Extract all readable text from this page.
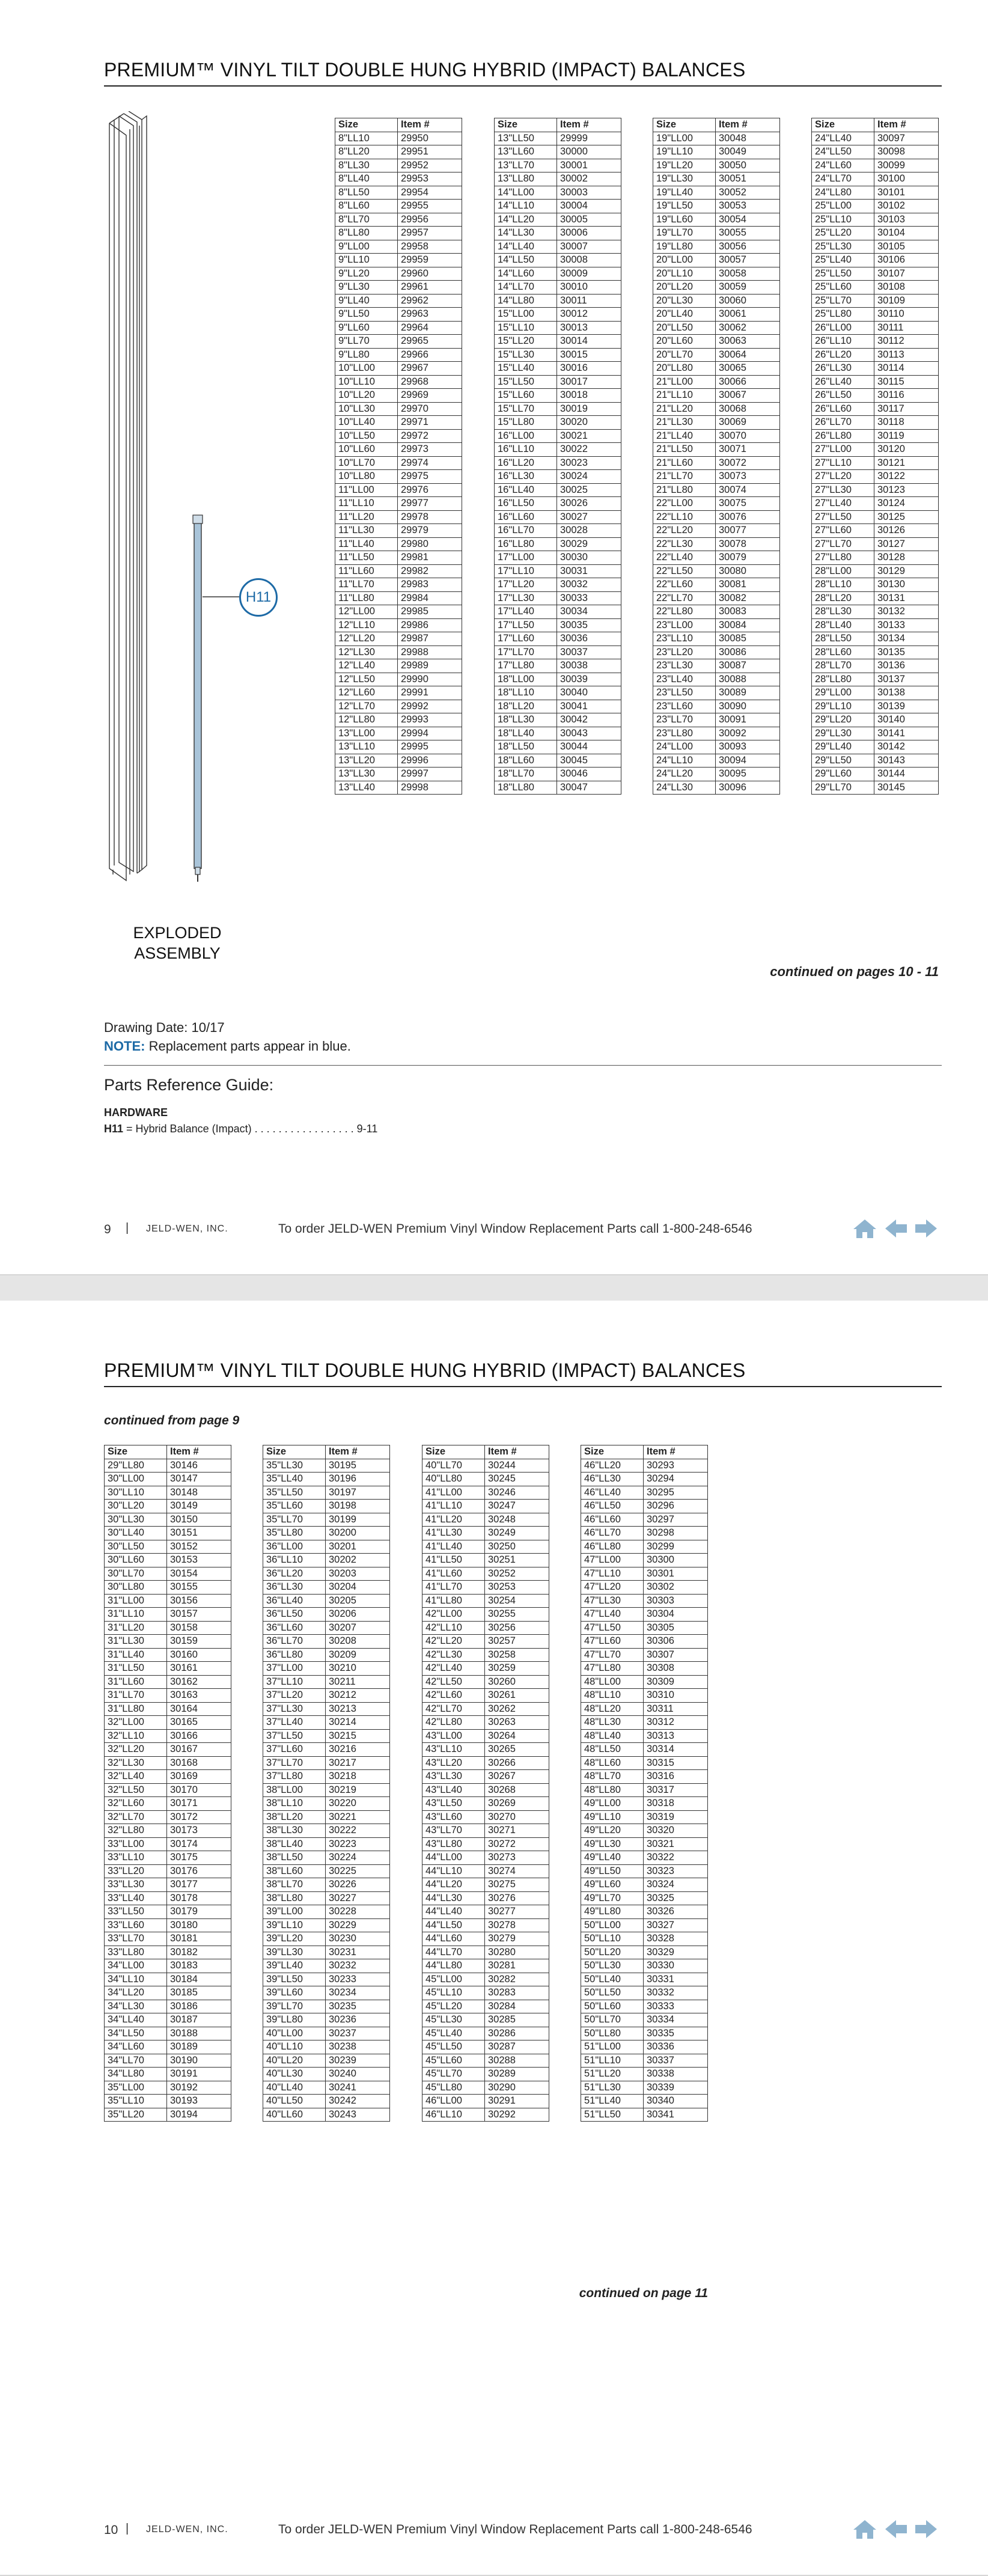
PREMIUM™ VINYL TILT DOUBLE HUNG HYBRID (IMPACT) BALANCES
H11
EXPLODED
ASSEMBLY
Size	Item #
8"LL10	29950
8"LL20	29951
8"LL30	29952
8"LL40	29953
8"LL50	29954
8"LL60	29955
8"LL70	29956
8"LL80	29957
9"LL00	29958
9"LL10	29959
9"LL20	29960
9"LL30	29961
9"LL40	29962
9"LL50	29963
9"LL60	29964
9"LL70	29965
9"LL80	29966
10"LL00	29967
10"LL10	29968
10"LL20	29969
10"LL30	29970
10"LL40	29971
10"LL50	29972
10"LL60	29973
10"LL70	29974
10"LL80	29975
11"LL00	29976
11"LL10	29977
11"LL20	29978
11"LL30	29979
11"LL40	29980
11"LL50	29981
11"LL60	29982
11"LL70	29983
11"LL80	29984
12"LL00	29985
12"LL10	29986
12"LL20	29987
12"LL30	29988
12"LL40	29989
12"LL50	29990
12"LL60	29991
12"LL70	29992
12"LL80	29993
13"LL00	29994
13"LL10	29995
13"LL20	29996
13"LL30	29997
13"LL40	29998
Size	Item #
13"LL50	29999
13"LL60	30000
13"LL70	30001
13"LL80	30002
14"LL00	30003
14"LL10	30004
14"LL20	30005
14"LL30	30006
14"LL40	30007
14"LL50	30008
14"LL60	30009
14"LL70	30010
14"LL80	30011
15"LL00	30012
15"LL10	30013
15"LL20	30014
15"LL30	30015
15"LL40	30016
15"LL50	30017
15"LL60	30018
15"LL70	30019
15"LL80	30020
16"LL00	30021
16"LL10	30022
16"LL20	30023
16"LL30	30024
16"LL40	30025
16"LL50	30026
16"LL60	30027
16"LL70	30028
16"LL80	30029
17"LL00	30030
17"LL10	30031
17"LL20	30032
17"LL30	30033
17"LL40	30034
17"LL50	30035
17"LL60	30036
17"LL70	30037
17"LL80	30038
18"LL00	30039
18"LL10	30040
18"LL20	30041
18"LL30	30042
18"LL40	30043
18"LL50	30044
18"LL60	30045
18"LL70	30046
18"LL80	30047
Size	Item #
19"LL00	30048
19"LL10	30049
19"LL20	30050
19"LL30	30051
19"LL40	30052
19"LL50	30053
19"LL60	30054
19"LL70	30055
19"LL80	30056
20"LL00	30057
20"LL10	30058
20"LL20	30059
20"LL30	30060
20"LL40	30061
20"LL50	30062
20"LL60	30063
20"LL70	30064
20"LL80	30065
21"LL00	30066
21"LL10	30067
21"LL20	30068
21"LL30	30069
21"LL40	30070
21"LL50	30071
21"LL60	30072
21"LL70	30073
21"LL80	30074
22"LL00	30075
22"LL10	30076
22"LL20	30077
22"LL30	30078
22"LL40	30079
22"LL50	30080
22"LL60	30081
22"LL70	30082
22"LL80	30083
23"LL00	30084
23"LL10	30085
23"LL20	30086
23"LL30	30087
23"LL40	30088
23"LL50	30089
23"LL60	30090
23"LL70	30091
23"LL80	30092
24"LL00	30093
24"LL10	30094
24"LL20	30095
24"LL30	30096
Size	Item #
24"LL40	30097
24"LL50	30098
24"LL60	30099
24"LL70	30100
24"LL80	30101
25"LL00	30102
25"LL10	30103
25"LL20	30104
25"LL30	30105
25"LL40	30106
25"LL50	30107
25"LL60	30108
25"LL70	30109
25"LL80	30110
26"LL00	30111
26"LL10	30112
26"LL20	30113
26"LL30	30114
26"LL40	30115
26"LL50	30116
26"LL60	30117
26"LL70	30118
26"LL80	30119
27"LL00	30120
27"LL10	30121
27"LL20	30122
27"LL30	30123
27"LL40	30124
27"LL50	30125
27"LL60	30126
27"LL70	30127
27"LL80	30128
28"LL00	30129
28"LL10	30130
28"LL20	30131
28"LL30	30132
28"LL40	30133
28"LL50	30134
28"LL60	30135
28"LL70	30136
28"LL80	30137
29"LL00	30138
29"LL10	30139
29"LL20	30140
29"LL30	30141
29"LL40	30142
29"LL50	30143
29"LL60	30144
29"LL70	30145
continued on pages 10 - 11
Drawing Date: 10/17
NOTE: Replacement parts appear in blue.
Parts Reference Guide:
HARDWARE
H11 = Hybrid Balance (Impact) . . . . . . . . . . . . . . . . . 9-11
9 | JELD-WEN, INC.	To order JELD-WEN Premium Vinyl Window Replacement Parts call 1-800-248-6546
PREMIUM™ VINYL TILT DOUBLE HUNG HYBRID (IMPACT) BALANCES
continued from page 9
Size	Item #
29"LL80	30146
30"LL00	30147
30"LL10	30148
30"LL20	30149
30"LL30	30150
30"LL40	30151
30"LL50	30152
30"LL60	30153
30"LL70	30154
30"LL80	30155
31"LL00	30156
31"LL10	30157
31"LL20	30158
31"LL30	30159
31"LL40	30160
31"LL50	30161
31"LL60	30162
31"LL70	30163
31"LL80	30164
32"LL00	30165
32"LL10	30166
32"LL20	30167
32"LL30	30168
32"LL40	30169
32"LL50	30170
32"LL60	30171
32"LL70	30172
32"LL80	30173
33"LL00	30174
33"LL10	30175
33"LL20	30176
33"LL30	30177
33"LL40	30178
33"LL50	30179
33"LL60	30180
33"LL70	30181
33"LL80	30182
34"LL00	30183
34"LL10	30184
34"LL20	30185
34"LL30	30186
34"LL40	30187
34"LL50	30188
34"LL60	30189
34"LL70	30190
34"LL80	30191
35"LL00	30192
35"LL10	30193
35"LL20	30194
Size	Item #
35"LL30	30195
35"LL40	30196
35"LL50	30197
35"LL60	30198
35"LL70	30199
35"LL80	30200
36"LL00	30201
36"LL10	30202
36"LL20	30203
36"LL30	30204
36"LL40	30205
36"LL50	30206
36"LL60	30207
36"LL70	30208
36"LL80	30209
37"LL00	30210
37"LL10	30211
37"LL20	30212
37"LL30	30213
37"LL40	30214
37"LL50	30215
37"LL60	30216
37"LL70	30217
37"LL80	30218
38"LL00	30219
38"LL10	30220
38"LL20	30221
38"LL30	30222
38"LL40	30223
38"LL50	30224
38"LL60	30225
38"LL70	30226
38"LL80	30227
39"LL00	30228
39"LL10	30229
39"LL20	30230
39"LL30	30231
39"LL40	30232
39"LL50	30233
39"LL60	30234
39"LL70	30235
39"LL80	30236
40"LL00	30237
40"LL10	30238
40"LL20	30239
40"LL30	30240
40"LL40	30241
40"LL50	30242
40"LL60	30243
Size	Item #
40"LL70	30244
40"LL80	30245
41"LL00	30246
41"LL10	30247
41"LL20	30248
41"LL30	30249
41"LL40	30250
41"LL50	30251
41"LL60	30252
41"LL70	30253
41"LL80	30254
42"LL00	30255
42"LL10	30256
42"LL20	30257
42"LL30	30258
42"LL40	30259
42"LL50	30260
42"LL60	30261
42"LL70	30262
42"LL80	30263
43"LL00	30264
43"LL10	30265
43"LL20	30266
43"LL30	30267
43"LL40	30268
43"LL50	30269
43"LL60	30270
43"LL70	30271
43"LL80	30272
44"LL00	30273
44"LL10	30274
44"LL20	30275
44"LL30	30276
44"LL40	30277
44"LL50	30278
44"LL60	30279
44"LL70	30280
44"LL80	30281
45"LL00	30282
45"LL10	30283
45"LL20	30284
45"LL30	30285
45"LL40	30286
45"LL50	30287
45"LL60	30288
45"LL70	30289
45"LL80	30290
46"LL00	30291
46"LL10	30292
Size	Item #
46"LL20	30293
46"LL30	30294
46"LL40	30295
46"LL50	30296
46"LL60	30297
46"LL70	30298
46"LL80	30299
47"LL00	30300
47"LL10	30301
47"LL20	30302
47"LL30	30303
47"LL40	30304
47"LL50	30305
47"LL60	30306
47"LL70	30307
47"LL80	30308
48"LL00	30309
48"LL10	30310
48"LL20	30311
48"LL30	30312
48"LL40	30313
48"LL50	30314
48"LL60	30315
48"LL70	30316
48"LL80	30317
49"LL00	30318
49"LL10	30319
49"LL20	30320
49"LL30	30321
49"LL40	30322
49"LL50	30323
49"LL60	30324
49"LL70	30325
49"LL80	30326
50"LL00	30327
50"LL10	30328
50"LL20	30329
50"LL30	30330
50"LL40	30331
50"LL50	30332
50"LL60	30333
50"LL70	30334
50"LL80	30335
51"LL00	30336
51"LL10	30337
51"LL20	30338
51"LL30	30339
51"LL40	30340
51"LL50	30341
continued on page 11
10 | JELD-WEN, INC.	To order JELD-WEN Premium Vinyl Window Replacement Parts call 1-800-248-6546
